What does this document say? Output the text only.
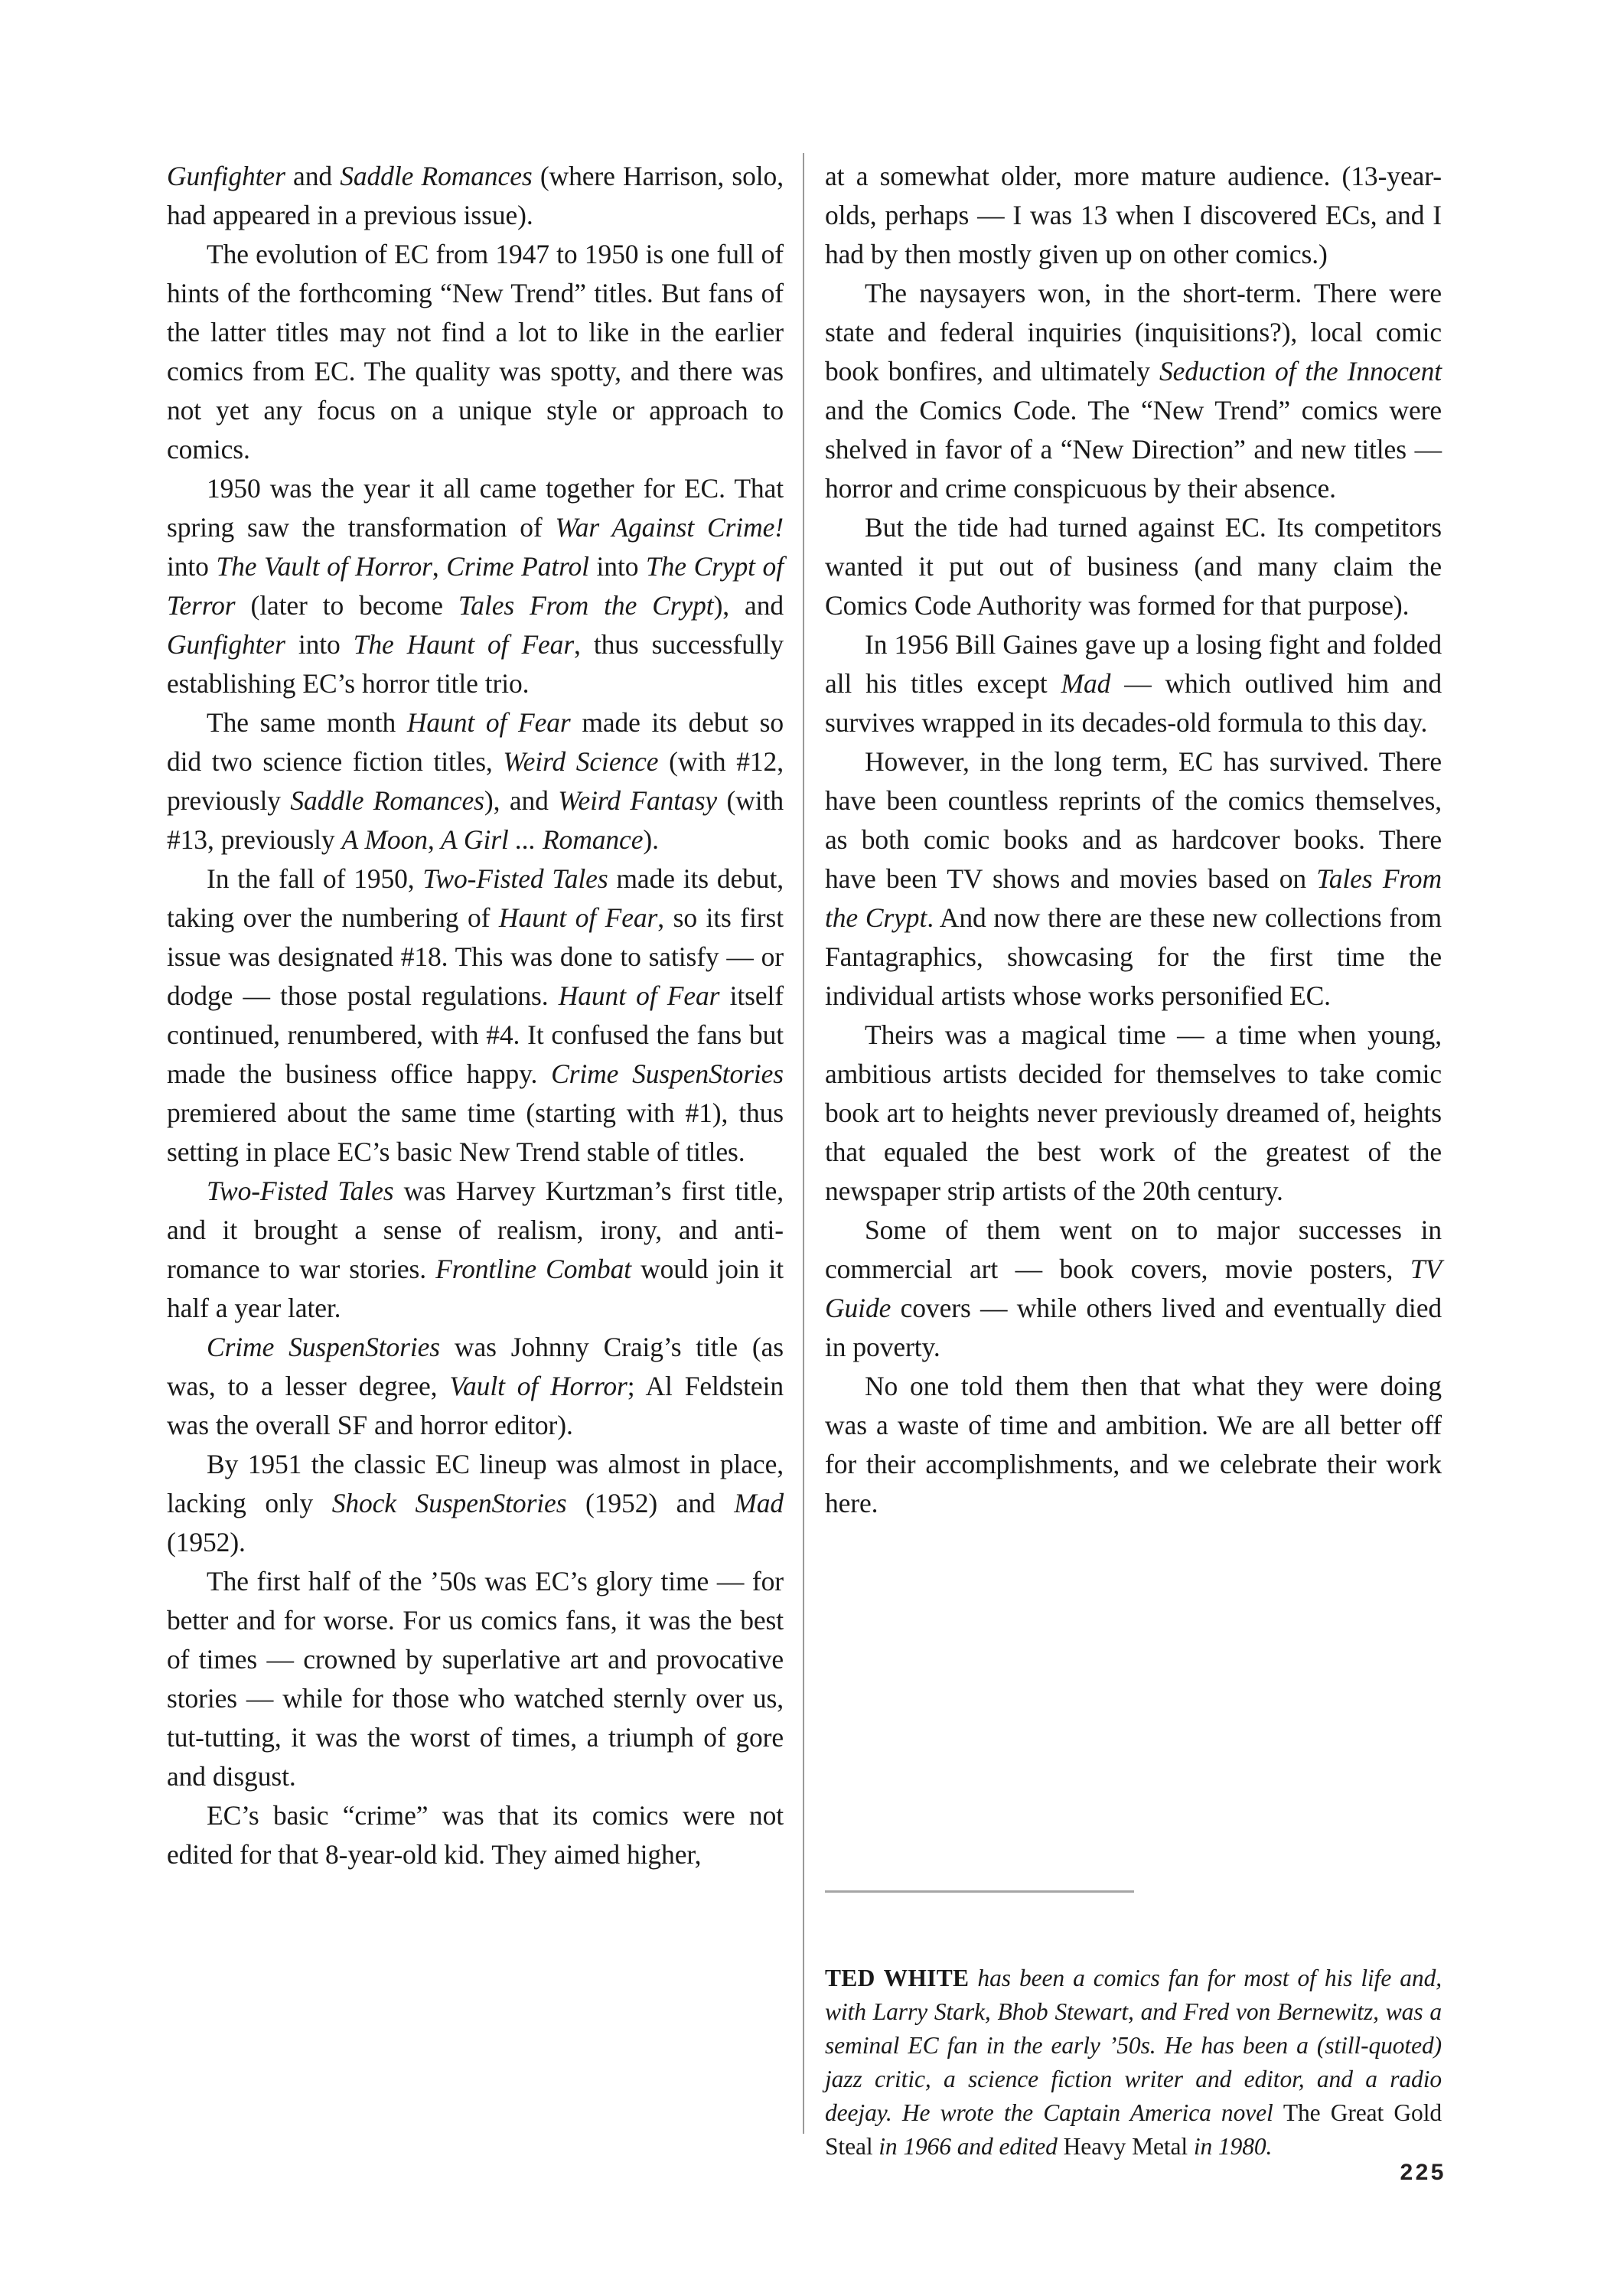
Gunfighter and Saddle Romances (where Harrison, solo, had appeared in a previous issue).

The evolution of EC from 1947 to 1950 is one full of hints of the forthcoming “New Trend” titles. But fans of the latter titles may not find a lot to like in the earlier comics from EC. The quality was spotty, and there was not yet any focus on a unique style or approach to comics.

1950 was the year it all came together for EC. That spring saw the transformation of War Against Crime! into The Vault of Horror, Crime Patrol into The Crypt of Terror (later to become Tales From the Crypt), and Gunfighter into The Haunt of Fear, thus successfully establishing EC’s horror title trio.

The same month Haunt of Fear made its debut so did two science fiction titles, Weird Science (with #12, previously Saddle Romances), and Weird Fantasy (with #13, previously A Moon, A Girl ... Romance).

In the fall of 1950, Two-Fisted Tales made its debut, taking over the numbering of Haunt of Fear, so its first issue was designated #18. This was done to satisfy — or dodge — those postal regulations. Haunt of Fear itself continued, renumbered, with #4. It confused the fans but made the business office happy. Crime SuspenStories premiered about the same time (starting with #1), thus setting in place EC’s basic New Trend stable of titles.

Two-Fisted Tales was Harvey Kurtzman’s first title, and it brought a sense of realism, irony, and anti-romance to war stories. Frontline Combat would join it half a year later.

Crime SuspenStories was Johnny Craig’s title (as was, to a lesser degree, Vault of Horror; Al Feldstein was the overall SF and horror editor).

By 1951 the classic EC lineup was almost in place, lacking only Shock SuspenStories (1952) and Mad (1952).

The first half of the ’50s was EC’s glory time — for better and for worse. For us comics fans, it was the best of times — crowned by superlative art and provocative stories — while for those who watched sternly over us, tut-tutting, it was the worst of times, a triumph of gore and disgust.

EC’s basic “crime” was that its comics were not edited for that 8-year-old kid. They aimed higher,

at a somewhat older, more mature audience. (13-year-olds, perhaps — I was 13 when I discovered ECs, and I had by then mostly given up on other comics.)

The naysayers won, in the short-term. There were state and federal inquiries (inquisitions?), local comic book bonfires, and ultimately Seduction of the Innocent and the Comics Code. The “New Trend” comics were shelved in favor of a “New Direction” and new titles — horror and crime conspicuous by their absence.

But the tide had turned against EC. Its competitors wanted it put out of business (and many claim the Comics Code Authority was formed for that purpose).

In 1956 Bill Gaines gave up a losing fight and folded all his titles except Mad — which outlived him and survives wrapped in its decades-old formula to this day.

However, in the long term, EC has survived. There have been countless reprints of the comics themselves, as both comic books and as hardcover books. There have been TV shows and movies based on Tales From the Crypt. And now there are these new collections from Fantagraphics, showcasing for the first time the individual artists whose works personified EC.

Theirs was a magical time — a time when young, ambitious artists decided for themselves to take comic book art to heights never previously dreamed of, heights that equaled the best work of the greatest of the newspaper strip artists of the 20th century.

Some of them went on to major successes in commercial art — book covers, movie posters, TV Guide covers — while others lived and eventually died in poverty.

No one told them then that what they were doing was a waste of time and ambition. We are all better off for their accomplishments, and we celebrate their work here.

TED WHITE has been a comics fan for most of his life and, with Larry Stark, Bhob Stewart, and Fred von Bernewitz, was a seminal EC fan in the early ’50s. He has been a (still-quoted) jazz critic, a science fiction writer and editor, and a radio deejay. He wrote the Captain America novel The Great Gold Steal in 1966 and edited Heavy Metal in 1980.

225
